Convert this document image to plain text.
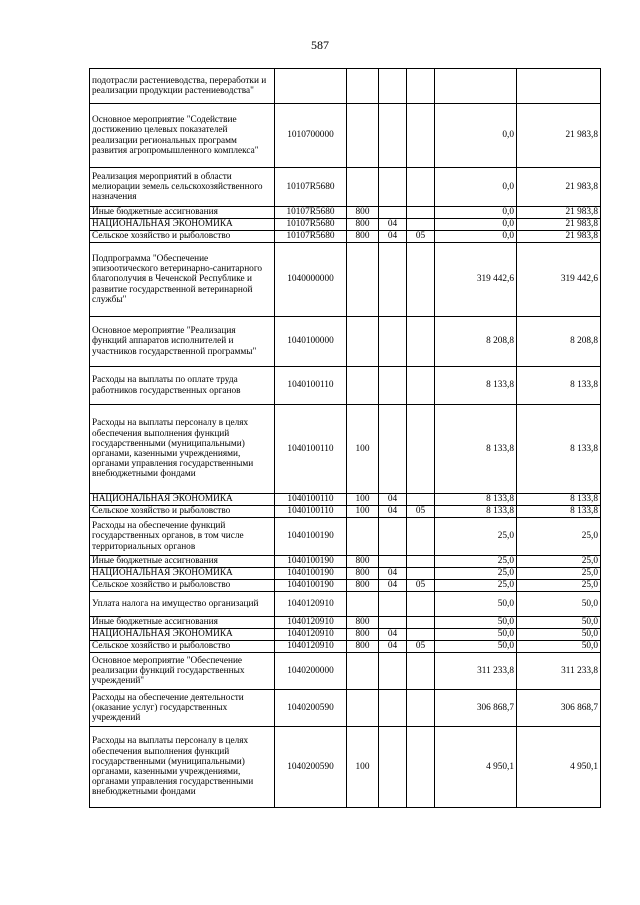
587
подотрасли растениеводства, переработки и реализации продукции растениеводства"						
Основное мероприятие "Содействие достижению целевых показателей реализации региональных программ развития агропромышленного комплекса"	1010700000				0,0	21 983,8
Реализация мероприятий в области мелиорации земель сельскохозяйственного назначения	10107R5680				0,0	21 983,8
Иные бюджетные ассигнования	10107R5680	800			0,0	21 983,8
НАЦИОНАЛЬНАЯ ЭКОНОМИКА	10107R5680	800	04		0,0	21 983,8
Сельское хозяйство и рыболовство	10107R5680	800	04	05	0,0	21 983,8
Подпрограмма "Обеспечение эпизоотического ветеринарно-санитарного благополучия в Чеченской Республике и развитие государственной ветеринарной службы"	1040000000				319 442,6	319 442,6
Основное мероприятие "Реализация функций аппаратов исполнителей и участников государственной программы"	1040100000				8 208,8	8 208,8
Расходы на выплаты по оплате труда работников государственных органов	1040100110				8 133,8	8 133,8
Расходы на выплаты персоналу в целях обеспечения выполнения функций государственными (муниципальными) органами, казенными учреждениями, органами управления государственными внебюджетными фондами	1040100110	100			8 133,8	8 133,8
НАЦИОНАЛЬНАЯ ЭКОНОМИКА	1040100110	100	04		8 133,8	8 133,8
Сельское хозяйство и рыболовство	1040100110	100	04	05	8 133,8	8 133,8
Расходы на обеспечение функций государственных органов, в том числе территориальных органов	1040100190				25,0	25,0
Иные бюджетные ассигнования	1040100190	800			25,0	25,0
НАЦИОНАЛЬНАЯ ЭКОНОМИКА	1040100190	800	04		25,0	25,0
Сельское хозяйство и рыболовство	1040100190	800	04	05	25,0	25,0
Уплата налога на имущество организаций	1040120910				50,0	50,0
Иные бюджетные ассигнования	1040120910	800			50,0	50,0
НАЦИОНАЛЬНАЯ ЭКОНОМИКА	1040120910	800	04		50,0	50,0
Сельское хозяйство и рыболовство	1040120910	800	04	05	50,0	50,0
Основное мероприятие "Обеспечение реализации функций государственных учреждений"	1040200000				311 233,8	311 233,8
Расходы на обеспечение деятельности (оказание услуг) государственных учреждений	1040200590				306 868,7	306 868,7
Расходы на выплаты персоналу в целях обеспечения выполнения функций государственными (муниципальными) органами, казенными учреждениями, органами управления государственными внебюджетными фондами	1040200590	100			4 950,1	4 950,1
